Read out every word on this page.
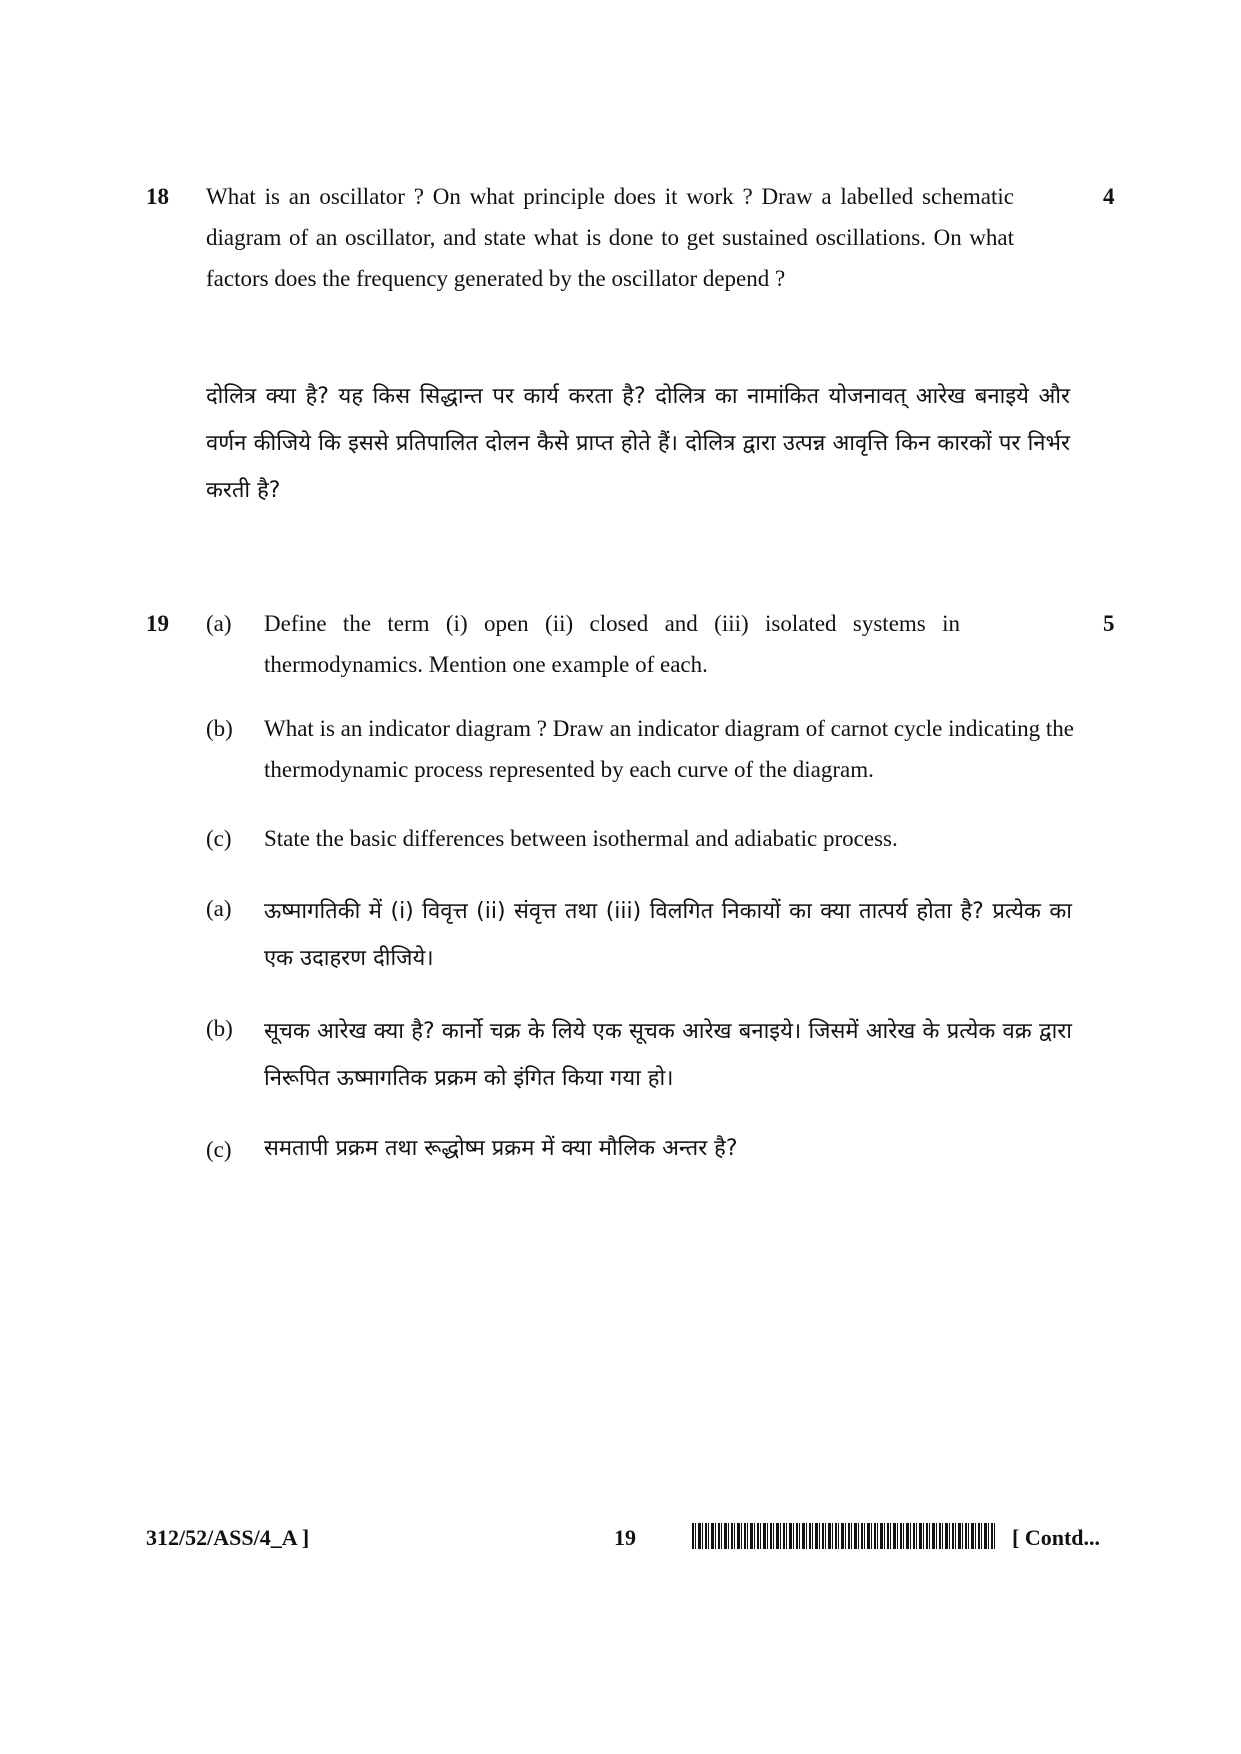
18	4
What is an oscillator ? On what principle does it work ? Draw a labelled schematic diagram of an oscillator, and state what is done to get sustained oscillations. On what factors does the frequency generated by the oscillator depend ?
दोलित्र क्या है? यह किस सिद्धान्त पर कार्य करता है? दोलित्र का नामांकित योजनावत् आरेख बनाइये और वर्णन कीजिये कि इससे प्रतिपालित दोलन कैसे प्राप्त होते हैं। दोलित्र द्वारा उत्पन्न आवृत्ति किन कारकों पर निर्भर करती है?
19	5
(a) Define the term (i) open (ii) closed and (iii) isolated systems in thermodynamics. Mention one example of each.
(b) What is an indicator diagram ? Draw an indicator diagram of carnot cycle indicating the thermodynamic process represented by each curve of the diagram.
(c) State the basic differences between isothermal and adiabatic process.
(a) ऊष्मागतिकी में (i) विवृत्त (ii) संवृत्त तथा (iii) विलगित निकायों का क्या तात्पर्य होता है? प्रत्येक का एक उदाहरण दीजिये।
(b) सूचक आरेख क्या है? कार्नो चक्र के लिये एक सूचक आरेख बनाइये। जिसमें आरेख के प्रत्येक वक्र द्वारा निरूपित ऊष्मागतिक प्रक्रम को इंगित किया गया हो।
(c) समतापी प्रक्रम तथा रूद्धोष्म प्रक्रम में क्या मौलिक अन्तर है?
312/52/ASS/4_A ]	19	[ Contd...
